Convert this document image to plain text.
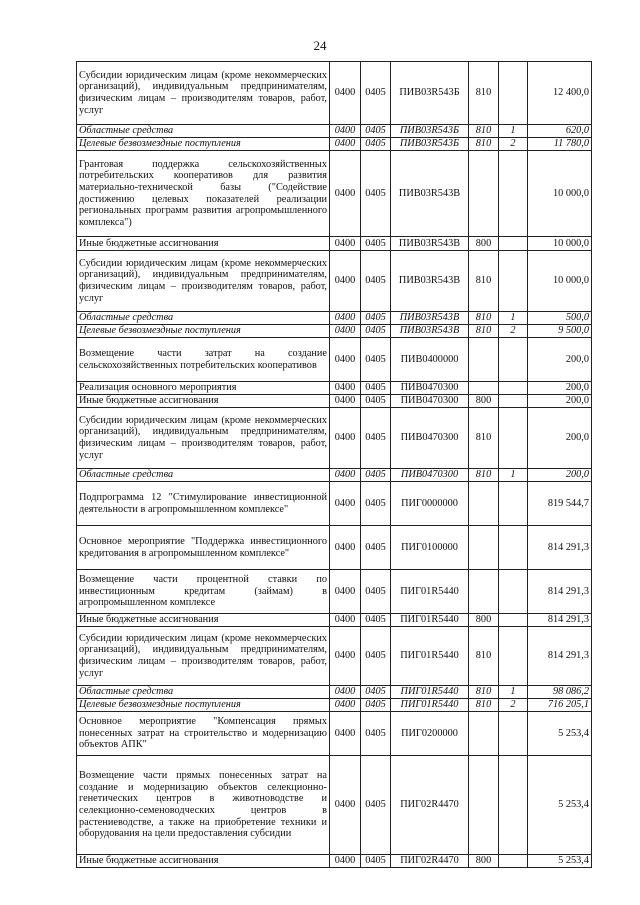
24
Субсидии юридическим лицам (кроме некоммерческих организаций), индивидуальным предпринимателям, физическим лицам – производителям товаров, работ, услуг	0400	0405	ПИВ03R543Б	810		12 400,0
Областные средства	0400	0405	ПИВ03R543Б	810	1	620,0
Целевые безвозмездные поступления	0400	0405	ПИВ03R543Б	810	2	11 780,0
Грантовая поддержка сельскохозяйственных потребительских кооперативов для развития материально-технической базы ("Содействие достижению целевых показателей реализации региональных программ развития агропромышленного комплекса")	0400	0405	ПИВ03R543В			10 000,0
Иные бюджетные ассигнования	0400	0405	ПИВ03R543В	800		10 000,0
Субсидии юридическим лицам (кроме некоммерческих организаций), индивидуальным предпринимателям, физическим лицам – производителям товаров, работ, услуг	0400	0405	ПИВ03R543В	810		10 000,0
Областные средства	0400	0405	ПИВ03R543В	810	1	500,0
Целевые безвозмездные поступления	0400	0405	ПИВ03R543В	810	2	9 500,0
Возмещение части затрат на создание сельскохозяйственных потребительских кооперативов	0400	0405	ПИВ0400000			200,0
Реализация основного мероприятия	0400	0405	ПИВ0470300			200,0
Иные бюджетные ассигнования	0400	0405	ПИВ0470300	800		200,0
Субсидии юридическим лицам (кроме некоммерческих организаций), индивидуальным предпринимателям, физическим лицам – производителям товаров, работ, услуг	0400	0405	ПИВ0470300	810		200,0
Областные средства	0400	0405	ПИВ0470300	810	1	200,0
Подпрограмма 12 "Стимулирование инвестиционной деятельности в агропромышленном комплексе"	0400	0405	ПИГ0000000			819 544,7
Основное мероприятие "Поддержка инвестиционного кредитования в агропромышленном комплексе"	0400	0405	ПИГ0100000			814 291,3
Возмещение части процентной ставки по инвестиционным кредитам (займам) в агропромышленном комплексе	0400	0405	ПИГ01R5440			814 291,3
Иные бюджетные ассигнования	0400	0405	ПИГ01R5440	800		814 291,3
Субсидии юридическим лицам (кроме некоммерческих организаций), индивидуальным предпринимателям, физическим лицам – производителям товаров, работ, услуг	0400	0405	ПИГ01R5440	810		814 291,3
Областные средства	0400	0405	ПИГ01R5440	810	1	98 086,2
Целевые безвозмездные поступления	0400	0405	ПИГ01R5440	810	2	716 205,1
Основное мероприятие "Компенсация прямых понесенных затрат на строительство и модернизацию объектов АПК"	0400	0405	ПИГ0200000			5 253,4
Возмещение части прямых понесенных затрат на создание и модернизацию объектов селекционно-генетических центров в животноводстве и селекционно-семеноводческих центров в растениеводстве, а также на приобретение техники и оборудования на цели предоставления субсидии	0400	0405	ПИГ02R4470			5 253,4
Иные бюджетные ассигнования	0400	0405	ПИГ02R4470	800		5 253,4
